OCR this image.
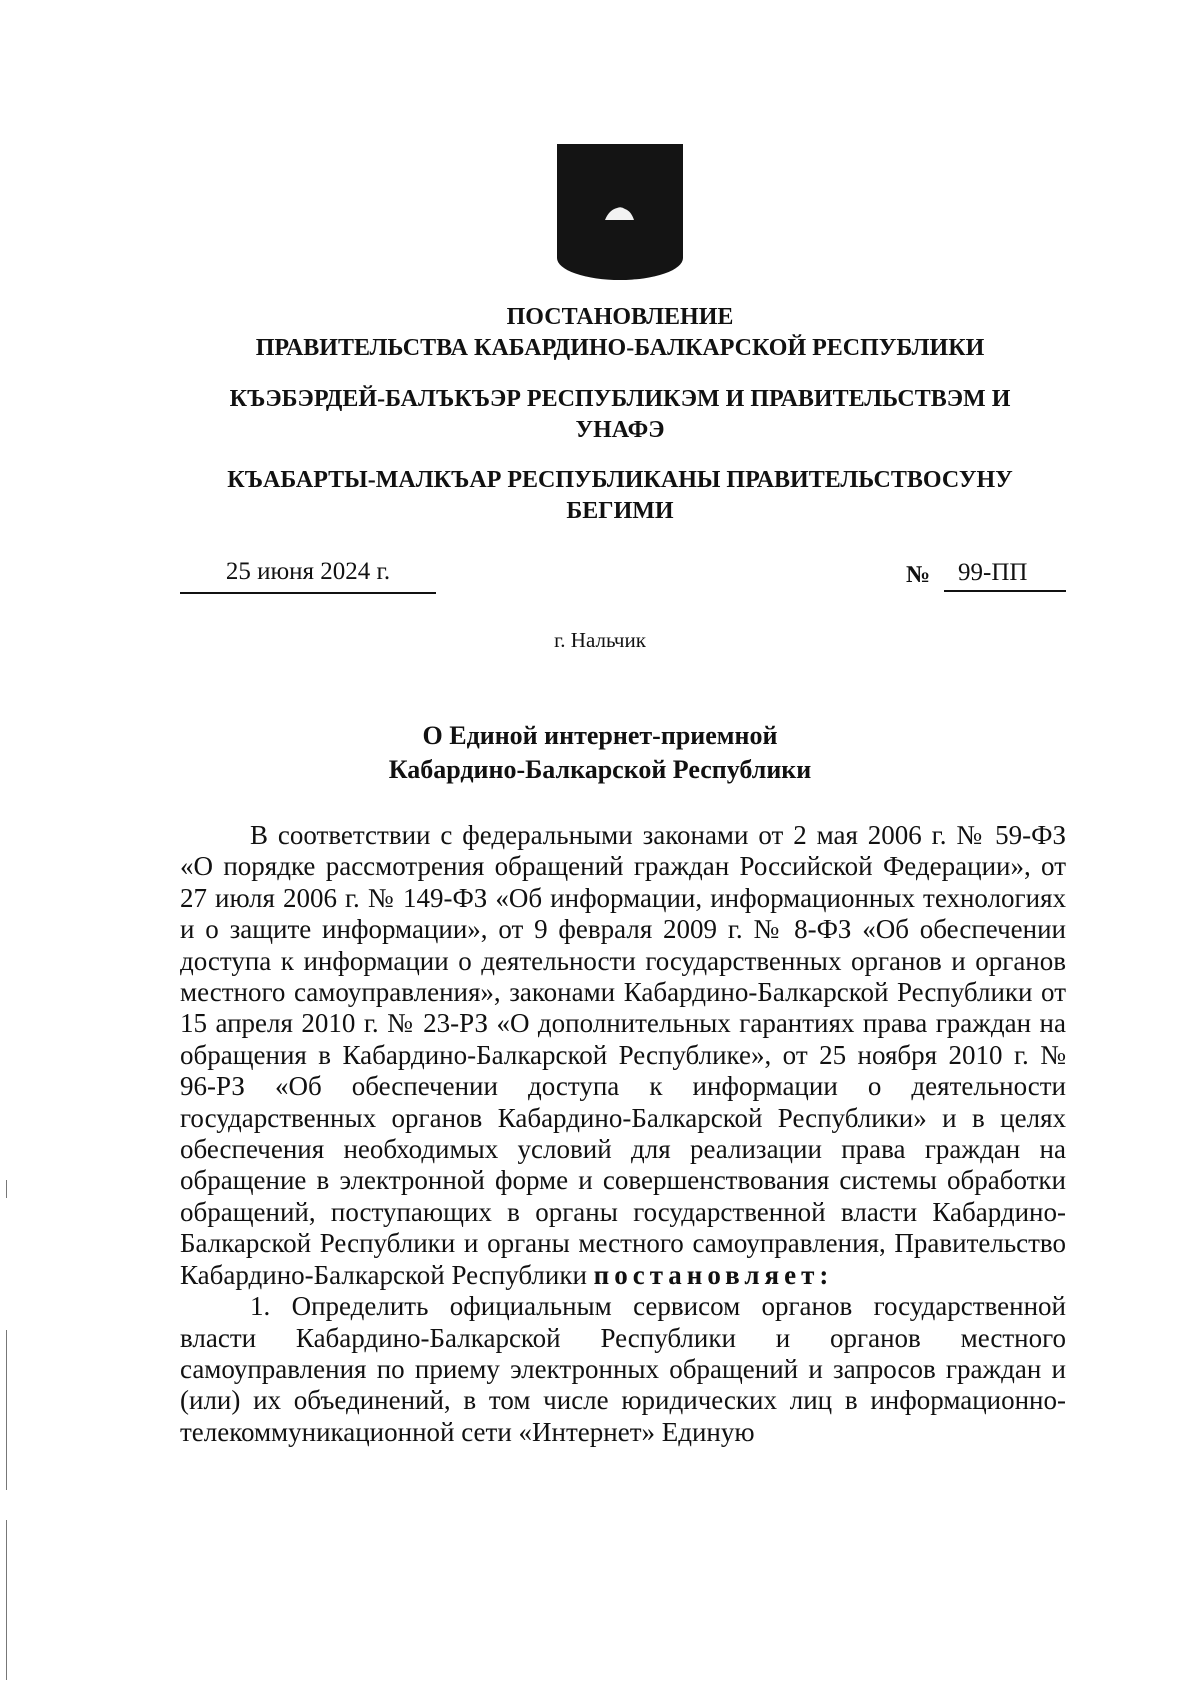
ПОСТАНОВЛЕНИЕ
ПРАВИТЕЛЬСТВА КАБАРДИНО-БАЛКАРСКОЙ РЕСПУБЛИКИ
КЪЭБЭРДЕЙ-БАЛЪКЪЭР РЕСПУБЛИКЭМ И ПРАВИТЕЛЬСТВЭМ И
УНАФЭ
КЪАБАРТЫ-МАЛКЪАР РЕСПУБЛИКАНЫ ПРАВИТЕЛЬСТВОСУНУ
БЕГИМИ
25 июня 2024 г.	№	99-ПП
г. Нальчик
О Единой интернет-приемной
Кабардино-Балкарской Республики

В соответствии с федеральными законами от 2 мая 2006 г. № 59-ФЗ «О порядке рассмотрения обращений граждан Российской Федерации», от 27 июля 2006 г. № 149-ФЗ «Об информации, информационных технологиях и о защите информации», от 9 февраля 2009 г. № 8-ФЗ «Об обеспечении доступа к информации о деятельности государственных органов и органов местного самоуправления», законами Кабардино-Балкарской Республики от 15 апреля 2010 г. № 23-РЗ «О дополнительных гарантиях права граждан на обращения в Кабардино-Балкарской Республике», от 25 ноября 2010 г. № 96-РЗ «Об обеспечении доступа к информации о деятельности государственных органов Кабардино-Балкарской Республики» и в целях обеспечения необходимых условий для реализации права граждан на обращение в электронной форме и совершенствования системы обработки обращений, поступающих в органы государственной власти Кабардино-Балкарской Республики и органы местного самоуправления, Правительство Кабардино-Балкарской Республики постановляет:

1. Определить официальным сервисом органов государственной власти Кабардино-Балкарской Республики и органов местного самоуправления по приему электронных обращений и запросов граждан и (или) их объединений, в том числе юридических лиц в информационно-телекоммуникационной сети «Интернет» Единую
